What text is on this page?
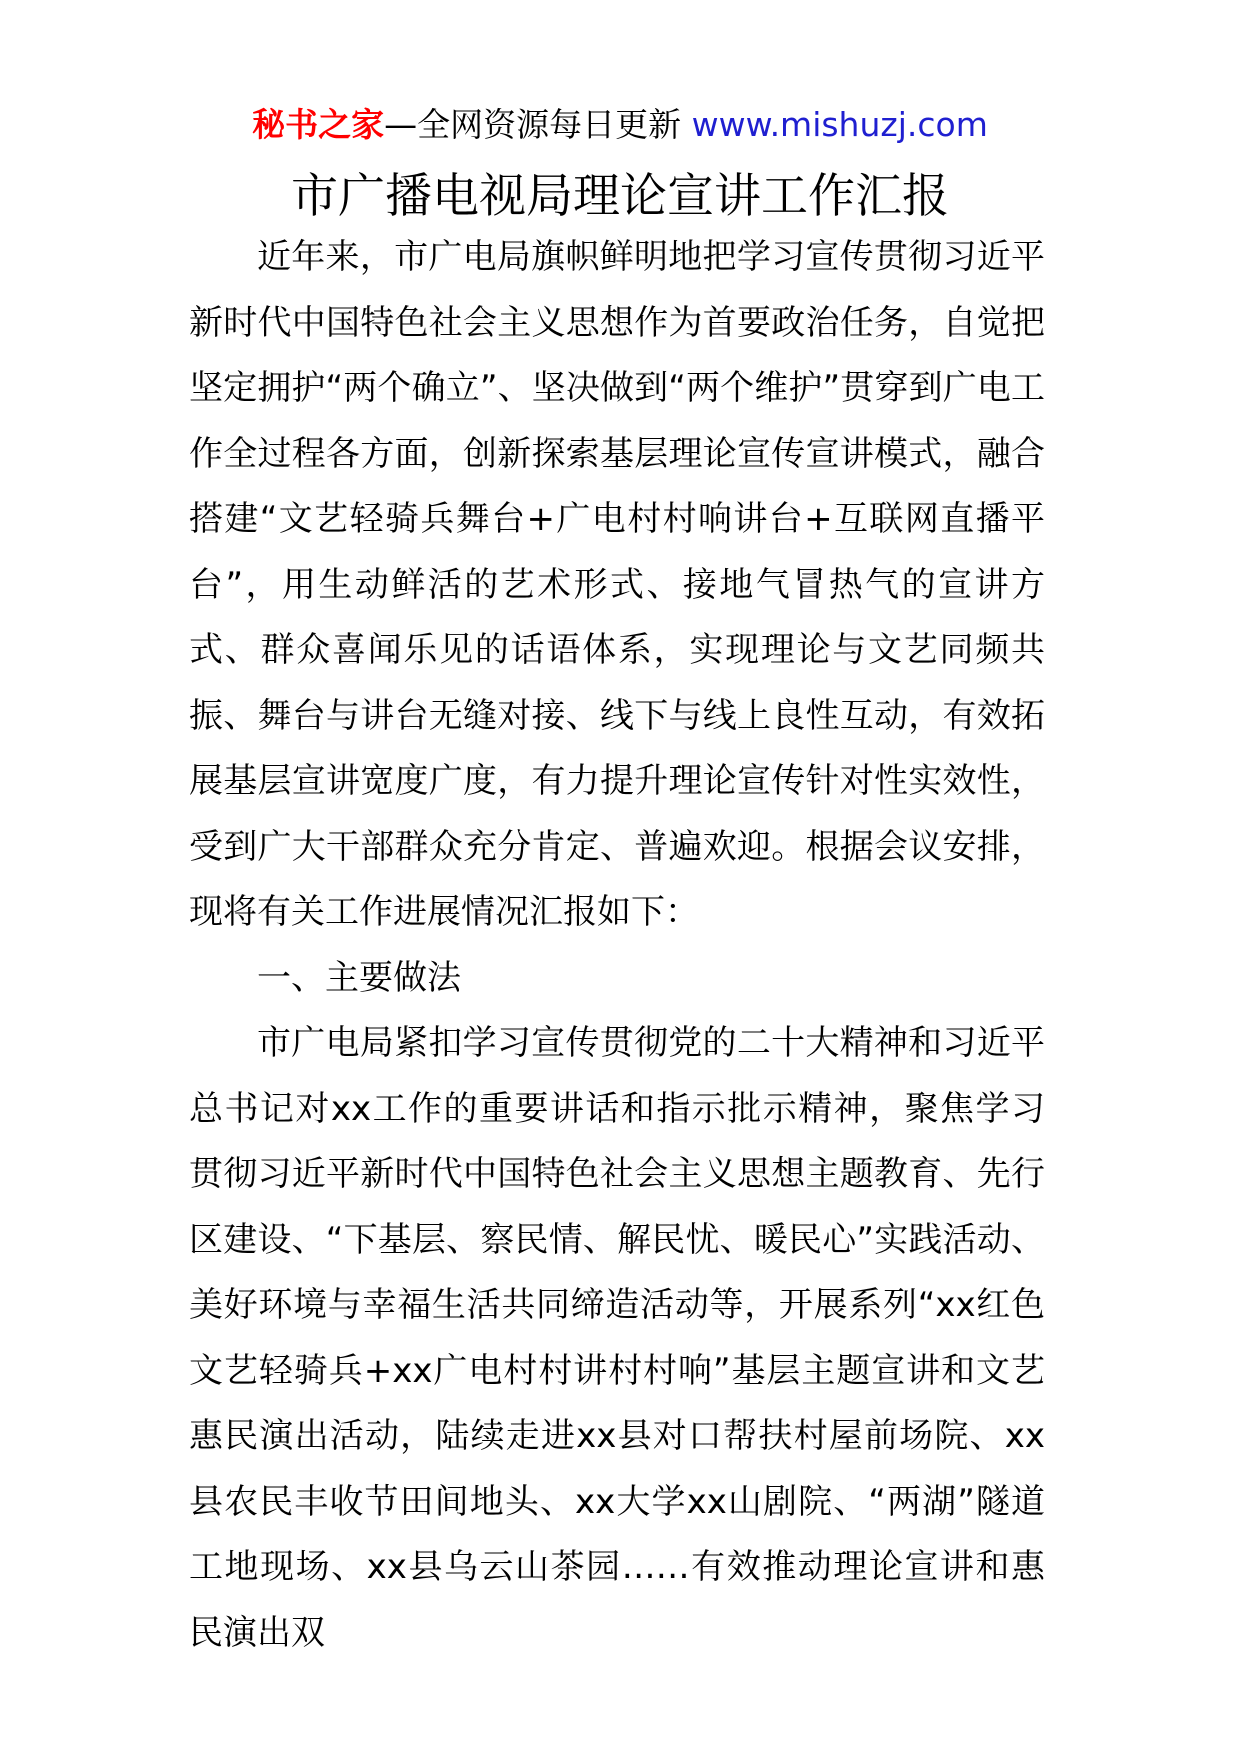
秘书之家—全网资源每日更新 www.mishuzj.com
市广播电视局理论宣讲工作汇报

近年来，市广电局旗帜鲜明地把学习宣传贯彻习近平新时代中国特色社会主义思想作为首要政治任务，自觉把坚定拥护“两个确立”、坚决做到“两个维护”贯穿到广电工作全过程各方面，创新探索基层理论宣传宣讲模式，融合搭建“文艺轻骑兵舞台+广电村村响讲台+互联网直播平台”，用生动鲜活的艺术形式、接地气冒热气的宣讲方式、群众喜闻乐见的话语体系，实现理论与文艺同频共振、舞台与讲台无缝对接、线下与线上良性互动，有效拓展基层宣讲宽度广度，有力提升理论宣传针对性实效性，受到广大干部群众充分肯定、普遍欢迎。根据会议安排，现将有关工作进展情况汇报如下：

一、主要做法

市广电局紧扣学习宣传贯彻党的二十大精神和习近平总书记对xx工作的重要讲话和指示批示精神，聚焦学习贯彻习近平新时代中国特色社会主义思想主题教育、先行区建设、“下基层、察民情、解民忧、暖民心”实践活动、美好环境与幸福生活共同缔造活动等，开展系列“xx红色文艺轻骑兵+xx广电村村讲村村响”基层主题宣讲和文艺惠民演出活动，陆续走进xx县对口帮扶村屋前场院、xx县农民丰收节田间地头、xx大学xx山剧院、“两湖”隧道工地现场、xx县乌云山茶园……有效推动理论宣讲和惠民演出双
